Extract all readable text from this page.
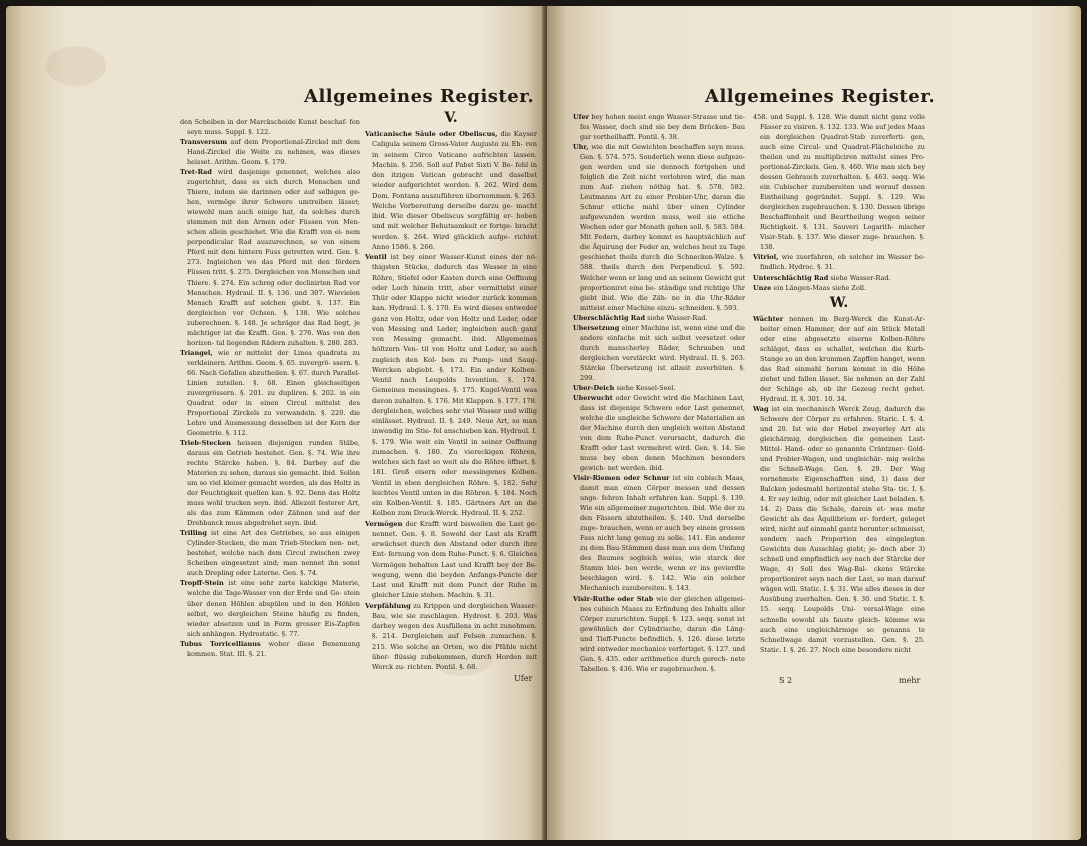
Allgemeines Register.

den Scheiben in der Marckscheide Kunst beschaf- fen seyn muss. Suppl. §. 122.

Transversum auf dem Proportional-Zirckel mit dem Hand-Zirckel die Weite zu nehmen, was dieses heisset. Arithm. Geom. §. 179.

Tret-Rad wird dasjenige genennet, welches also zugerichtet, dass es sich durch Menschen und Thiere, indem sie darinnen oder auf selbigen ge- hen, vermöge ihrer Schwere umtreiben lässet; wiewohl man auch einige hat, da solches durch stemmen mit den Armen oder Füssen von Men- schen allein geschiehet. Wie die Krafft von ei- nem perpendicular Rad auszurechnen, so von einem Pferd mit dem hintern Fuss getretten wird. Gen. §. 273. Ingleichen wo das Pferd mit den fördern Füssen tritt. §. 275. Dergleichen von Menschen und Thiere. §. 274. Ein schreg oder declinirten Rad vor Menschen. Hydraul. II. §. 136. und 307. Wievielen Mensch Krafft auf solchen giebt. §. 137. Ein dergleichen vor Ochsen. §. 138. Wie solches zuberechnen. §. 148. Je schräger das Rad liegt, je mächtiger ist die Krafft. Gen. §. 276. Was von den horizon- tal liegenden Rädern zuhalten. §. 280. 283.

Triangel, wie er mittelst der Linea quadrata zu verkleinern. Arithm. Geom. §. 65. zuvergrö- ssern. §. 66. Nach Gefallen abzutheilen. §. 67. durch Parallel-Linien zuteilen. §. 68. Einen gleichseitigen zuvergrössern. §. 201. zu dupliren. §. 202. in ein Quadrat oder in einen Circul mittelst des Proportional Zirckels zu verwandeln. §. 220. die Lehre und Ausmessung desselben ist der Kern der Geometrie. §. 112.

Trieb-Stecken heissen diejenigen runden Stäbe, daraus ein Getrieb bestehet. Gen. §. 74. Wie ihre rechte Stärcke haben. §. 84. Darbey auf die Materien zu sehen, daraus sie gemacht. ibid. Sollen um so viel kleiner gemacht werden, als das Holtz in der Feuchtigkeit quellen kan. §. 92. Denn das Holtz muss wohl trucken seyn. ibid. Allezeit festerer Art, als das zum Kämmen oder Zähnen und auf der Drehbanck muss abgedrehet seyn. ibid.

Trilling ist eine Art des Getriebes, so aus einigen Cylinder-Stecken, die man Trieb-Stecken nen- net, bestehet, welche nach dem Circul zwischen zwey Scheiben eingesetzet sind; man nennet ihn sonst auch Drepling oder Laterne. Gen. §. 74.

Tropff-Stein ist eine sehr zarte kalckige Materie, welche die Tage-Wasser von der Erde und Ge- stein über denen Höhlen abspülen und in den Höhlen selbst, wo dergleichen Steine häufig zu finden, wieder absetzen und in Form grosser Eis-Zapfen sich anhängen. Hydrostatic. §. 77.

Tubus Torricellianus woher diese Benennung kommen. Stat. III. §. 21.

V.

Vaticanische Säule oder Obeliscus, die Kayser Caligula seinem Gross-Vater Augusto zu Eh- ren in seinem Circo Vaticano aufrichten lassen. Machin. §. 256. Soll auf Pabst Sixti V. Be- fehl in den itzigen Vatican gebracht und daselbst wieder aufgerichtet werden. §. 262. Wird dem Dom. Fontana auszuführen übernommen. §. 263. Welche Vorbereitung derselbe darzu ge- macht ibid. Wie dieser Obeliscus sorgfältig er- hoben und mit welcher Behutsamkeit er fortge- bracht worden. §. 264. Wird glücklich aufge- richtet Anno 1586. §. 266.

Ventil ist bey einer Wasser-Kunst eines der nö- thigsten Stücke, dadurch das Wasser in eine Röhre, Stiefel oder Kasten durch eine Oeffnung oder Loch hinein tritt, aber vermittelst einer Thür oder Klappe nicht wieder zurück kommen kan. Hydraul. I. §. 170. Es wird dieses entweder ganz von Holtz, oder von Holtz und Leder, oder von Messing und Leder, ingleichen auch ganz von Messing gemacht. ibid. Allgemeines höltzern Ven- til von Holtz und Leder, so auch zugleich den Kol- ben zu Pump- und Saug-Wercken abgiebt. §. 173. Ein ander Kolben-Ventil nach Leupolds Invention. §. 174. Gemeines messingnes. §. 175. Kugel-Ventil was davon zuhalten. §. 176. Mit Klappen. §. 177. 178. dergleichen, welches sehr viel Wasser und willig einlässet. Hydraul. II. §. 249. Neue Art, so man inwendig im Stie- fel anschieben kan. Hydraul. I. §. 179. Wie weit ein Ventil in seiner Oeffnung zumachen. §. 180. Zu viereckigen Röhren, welches sich fast so weit als die Röhre öffnet. §. 181. Groß eisern oder messingenes Kolben-Ventil in eben dergleichen Röhre. §. 182. Sehr leichtes Ventil unten in die Röhren. §. 184. Noch ein Kolben-Ventil. §. 185. Gärtners Art an die Kolben zum Druck-Werck. Hydraul. II. §. 252.

Vermögen der Krafft wird bisweilen die Last ge- nennet. Gen. §. 8. Sowohl der Last als Krafft erwächset durch den Abstand oder durch ihre Ent- fernung von dem Ruhe-Punct. §. 6. Gleiches Vermögen behalten Last und Krafft bey der Be- wegung, wenn die beyden Anfangs-Puncte der Last und Krafft mit dem Punct der Ruhe in gleicher Linie stehen. Machin. §. 31.

Verpfählung zu Krippen und dergleichen Wasser- Bau, wie sie zuschlagen. Hydrost. §. 203. Was darbey wegen des Ausfüllens in acht zunehmen. §. 214. Dergleichen auf Felsen zumachen. §. 215. Wie solche an Orten, wo die Pfähle nicht über- flüssig zubekommen, durch Horden mit Werck zu- richten. Pontil. §. 68.

Ufer
Allgemeines Register.

Ufer bey hohen meist enge Wasser-Strasse und tie- fes Wasser, doch sind sie bey dem Brücken- Bau gar vortheilhafft. Pontil. §. 38.

Uhr, wie die mit Gewichten beschaffen seyn muss. Gen. §. 574. 575. Sonderlich wenn diese aufgezo- gen werden und sie dennoch fortgehen und folglich die Zeit nicht verlohren wird, die man zum Auf- ziehen nöthig hat. §. 578. 582. Leutmanns Art zu einer Probier-Uhr, daran die Schnur etliche mahl über einen Cylinder aufgewunden werden muss, weil sie etliche Wochen oder gar Monath gehen soll. §. 583. 584. Mit Federn, darbey kommt es hauptsächlich auf die Äquirung der Feder an, welches heut zu Tage geschiehet theils durch die Schnecken-Walze. §. 588. theils durch den Perpendicul. §. 592. Welcher wenn er lang und an seinem Gewicht gut proportioniret eine be- ständige und richtige Uhr giebt ibid. Wie die Zäh- ne in die Uhr-Räder mitteist einer Machine einzu- schneiden. §. 593.

Uberschlächtig Rad siehe Wasser-Rad.

Ubersetzung einer Machine ist, wenn eine und die andere einfache mit sich selbst versetzet oder durch manscherley Räder, Schrauben und dergleichen verstärckt wird. Hydraul. II. §. 263. Stärcke Übersetzung ist allzeit zuverhüten. §. 299.

Uber-Deich siehe Kessel-Seel.

Uberwucht oder Gewicht wird die Machinen Last, dass ist diejenige Schwere oder Last genennet, welche die ungleiche Schwere der Materialien an der Machine durch den ungleich weiten Abstand von dem Ruhe-Punct verursacht, dadurch die Krafft oder Last vermehret wird. Gen. §. 14. Sie muss bey eben denen Machinen besonders gewich- net werden. ibid.

Visir-Riemen oder Schnur ist ein cubisch Maas, damit man einen Cörper messen und dessen unge- fehren Inhalt erfahren kan. Suppl. §. 139. Wie ein allgemeiner zugerichten. ibid. Wie der zu den Fässern abzutheilen. §. 140. Und derselbe zuge- brauchen, wenn er auch bey einem grossen Fass nicht lang genug zu solle. 141. Ein anderer zu dem Bau-Stämmen dass man aus dem Umfang des Baumes sogleich weiss, wie starck der Stamm blei- ben werde, wenn er ins gevierdte beschlagen wird. §. 142. Wie ein solcher Mechanisch zuzubereiten. §. 143.

Visir-Ruthe oder Stab wie der gleichen allgemei- nes cubisch Maass zu Erfindung des Inhalts aller Cörper zuzurichten. Suppl. §. 123. seqq. sonst ist gewöhnlich der Cylindrische, daran die Läng- und Tieff-Puncte befindlich. §. 126. diese letzte wird entweder mechanice verfertiget. §. 127. und Gen. §. 435. oder arithmetice durch gerech- nete Tabellen. §. 436. Wie er zugebrauchen. §.

458. und Suppl. §. 128. Wie damit nicht ganz volle Fässer zu visiren. §. 132. 133. Wie auf jedes Maas ein dergleichen Quadrat-Stab zuverferti- gen, auch eine Circul- und Quadrat-Flächeleiche zu theilen und zu multipliciren mittelst eines Pro- portional-Zirckels. Gen. §. 460. Wie man sich bey dessen Gebrauch zuverhalten. §. 463. seqq. Wie ein Cubischer zuzubereiten und worauf dessen Eintheilung gegründet. Suppl. §. 129. Wie dergleichen zugebrauchen. §. 130. Dessen übrige Beschaffenheit und Beurtheilung wegen seiner Richtigkeit. §. 131. Sauveri Logarith- mischer Visir-Stab. §. 137. Wie dieser zuge- brauchen. §. 138.

Vitriol, wie zuerfahren, ob solcher im Wasser be- findlich. Hydroc. §. 31.

Unterschlächtig Rad siehe Wasser-Rad.

Unze ein Längen-Maas siehe Zoll.

W.

Wächter nennen im Berg-Werck die Kunst-Ar- beiter einen Hammer, der auf ein Stück Metall oder eine abgesetzte eiserne Kolben-Röhre schläget, dass es schallet, welchen die Kurb-Stange so an den krummen Zapffen hanget, wenn das Rad einmahl herum kommt in die Höhe ziehet und fallen lässet. Sie nehmen an der Zahl der Schläge ab, ob ihr Gezeug recht gehet. Hydraul. II. §. 301. 10. 34.

Wag ist ein mechanisch Werck Zeug, dadurch die Schwere der Cörper zu erfahren. Staric. I. §. 4. und 20. Ist wie der Hebel zweyerley Art als gleichärmig, dergleichen die gemeinen Last- Mittel- Hand- oder so genannte Cräntzner- Gold- und Probier-Wagen, und ungleichär- mig welche die Schnell-Wage. Gen. §. 29. Der Wag vornehmste Eigenschafften sind, 1) dass der Balcken jedesmahl horizontal stehe Sta- tic. I. §. 4. Er sey leibig, oder mit gleicher Last beladen. §. 14. 2) Dass die Schale, darein et- was mehr Gewicht als das Äquilibrium er- fordert, geleget wird, nicht auf einmahl gantz herunter schmeisst, sondern nach Proportion des eingelegten Gewichts den Ausschlag giebt; je- doch aber 3) schnell und empfindlich sey nach der Stärcke der Wage, 4) Soll des Wag-Bal- ckens Stärcke proportioniret seyn nach der Last, so man darauf wägen will. Static. I. §. 31. Wie alles dieses in der Ausübung zuerhalten. Gen. §. 30. und Static. I. §. 15. seqq. Leupolds Uni- versal-Wage eine schnelle sowohl als fauste gleich- kömme wie auch eine ungleichärmige so genanns te Schnellwage damit vorzustellen. Gen. §. 25. Static. I. §. 26. 27. Noch eine besondere nicht

S 2	mehr
